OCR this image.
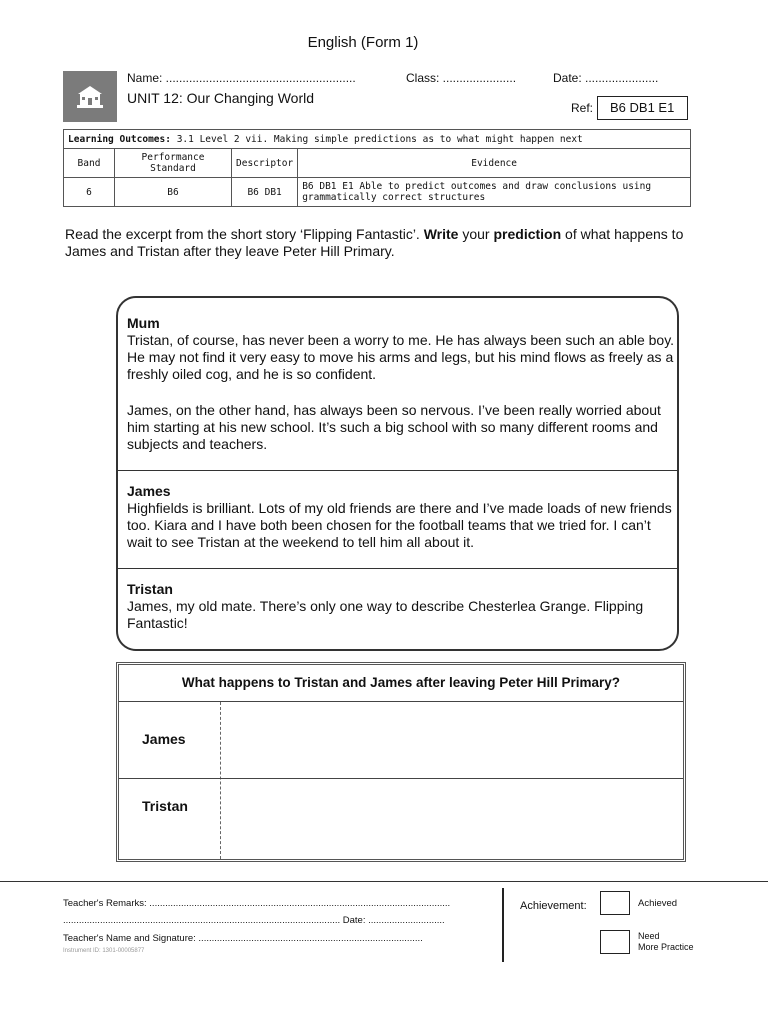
English (Form 1)
Name: .........................................................	Class: ......................	Date: ......................
UNIT 12: Our Changing World
Ref:	B6 DB1 E1
Learning Outcomes: 3.1 Level 2 vii. Making simple predictions as to what might happen next			
Band	Performance Standard	Descriptor	Evidence
6	B6	B6 DB1	B6 DB1 E1 Able to predict outcomes and draw conclusions using grammatically correct structures
Read the excerpt from the short story ‘Flipping Fantastic’. Write your prediction of what happens to James and Tristan after they leave Peter Hill Primary.
Mum
Tristan, of course, has never been a worry to me. He has always been such an able boy. He may not find it very easy to move his arms and legs, but his mind flows as freely as a freshly oiled cog, and he is so confident.
James, on the other hand, has always been so nervous. I’ve been really worried about him starting at his new school. It’s such a big school with so many different rooms and subjects and teachers.
James
Highfields is brilliant. Lots of my old friends are there and I’ve made loads of new friends too. Kiara and I have both been chosen for the football teams that we tried for. I can’t wait to see Tristan at the weekend to tell him all about it.
Tristan
James, my old mate. There’s only one way to describe Chesterlea Grange. Flipping Fantastic!
What happens to Tristan and James after leaving Peter Hill Primary?
James
Tristan
Teacher's Remarks: ..................................................................................................................
......................................................................................................... Date: .............................
Teacher's Name and Signature: .....................................................................................
Instrument ID: 1301-00005877
Achievement:	Achieved
Need
More Practice
